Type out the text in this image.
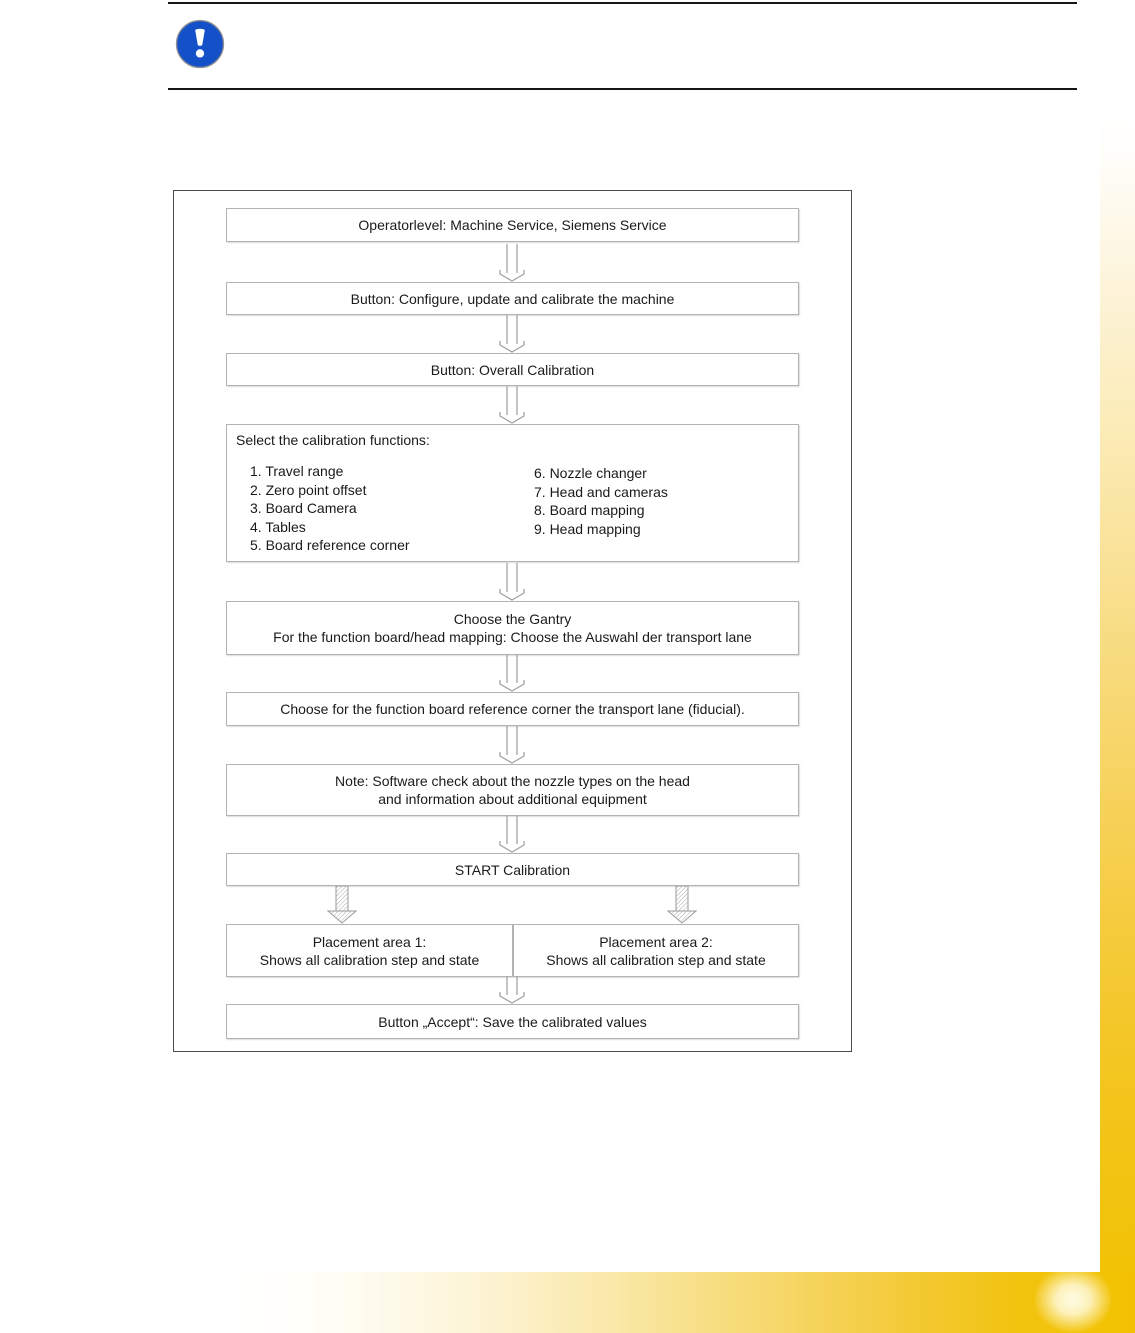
Operatorlevel: Machine Service, Siemens Service
Button: Configure, update and calibrate the machine
Button: Overall Calibration
Select the calibration functions:
1. Travel range
2. Zero point offset
3. Board Camera
4. Tables
5. Board reference corner
6. Nozzle changer
7. Head and cameras
8. Board mapping
9. Head mapping
Choose the Gantry
For the function board/head mapping: Choose the Auswahl der transport lane
Choose for the function board reference corner the transport lane (fiducial).
Note: Software check about the nozzle types on the head
and information about additional equipment
START Calibration
Placement area 1:
Shows all calibration step and state
Placement area 2:
Shows all calibration step and state
Button „Accept“: Save the calibrated values
